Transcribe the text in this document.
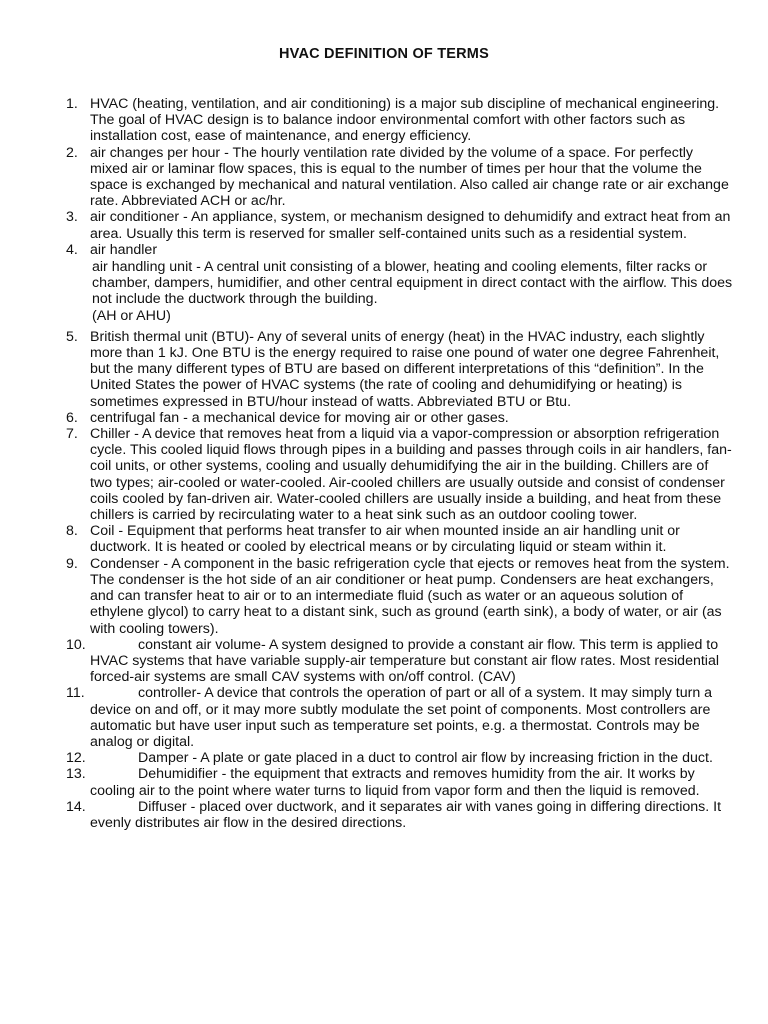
HVAC DEFINITION OF TERMS
1. HVAC (heating, ventilation, and air conditioning) is a major sub discipline of mechanical engineering. The goal of HVAC design is to balance indoor environmental comfort with other factors such as installation cost, ease of maintenance, and energy efficiency.

2. air changes per hour - The hourly ventilation rate divided by the volume of a space. For perfectly mixed air or laminar flow spaces, this is equal to the number of times per hour that the volume the space is exchanged by mechanical and natural ventilation. Also called air change rate or air exchange rate. Abbreviated ACH or ac/hr.

3. air conditioner - An appliance, system, or mechanism designed to dehumidify and extract heat from an area. Usually this term is reserved for smaller self-contained units such as a residential system.

4. air handler

air handling unit - A central unit consisting of a blower, heating and cooling elements, filter racks or chamber, dampers, humidifier, and other central equipment in direct contact with the airflow. This does not include the ductwork through the building.

(AH or AHU)

5. British thermal unit (BTU)- Any of several units of energy (heat) in the HVAC industry, each slightly more than 1 kJ. One BTU is the energy required to raise one pound of water one degree Fahrenheit, but the many different types of BTU are based on different interpretations of this “definition”. In the United States the power of HVAC systems (the rate of cooling and dehumidifying or heating) is sometimes expressed in BTU/hour instead of watts. Abbreviated BTU or Btu.

6. centrifugal fan - a mechanical device for moving air or other gases.

7. Chiller - A device that removes heat from a liquid via a vapor-compression or absorption refrigeration cycle. This cooled liquid flows through pipes in a building and passes through coils in air handlers, fan-coil units, or other systems, cooling and usually dehumidifying the air in the building. Chillers are of two types; air-cooled or water-cooled. Air-cooled chillers are usually outside and consist of condenser coils cooled by fan-driven air. Water-cooled chillers are usually inside a building, and heat from these chillers is carried by recirculating water to a heat sink such as an outdoor cooling tower.

8. Coil - Equipment that performs heat transfer to air when mounted inside an air handling unit or ductwork. It is heated or cooled by electrical means or by circulating liquid or steam within it.

9. Condenser - A component in the basic refrigeration cycle that ejects or removes heat from the system. The condenser is the hot side of an air conditioner or heat pump. Condensers are heat exchangers, and can transfer heat to air or to an intermediate fluid (such as water or an aqueous solution of ethylene glycol) to carry heat to a distant sink, such as ground (earth sink), a body of water, or air (as with cooling towers).

10.	constant air volume- A system designed to provide a constant air flow. This term is applied to HVAC systems that have variable supply-air temperature but constant air flow rates. Most residential forced-air systems are small CAV systems with on/off control. (CAV)

11.	controller- A device that controls the operation of part or all of a system. It may simply turn a device on and off, or it may more subtly modulate the set point of components. Most controllers are automatic but have user input such as temperature set points, e.g. a thermostat. Controls may be analog or digital.

12.	Damper - A plate or gate placed in a duct to control air flow by increasing friction in the duct.

13.	Dehumidifier - the equipment that extracts and removes humidity from the air. It works by cooling air to the point where water turns to liquid from vapor form and then the liquid is removed.

14.	Diffuser - placed over ductwork, and it separates air with vanes going in differing directions. It evenly distributes air flow in the desired directions.
